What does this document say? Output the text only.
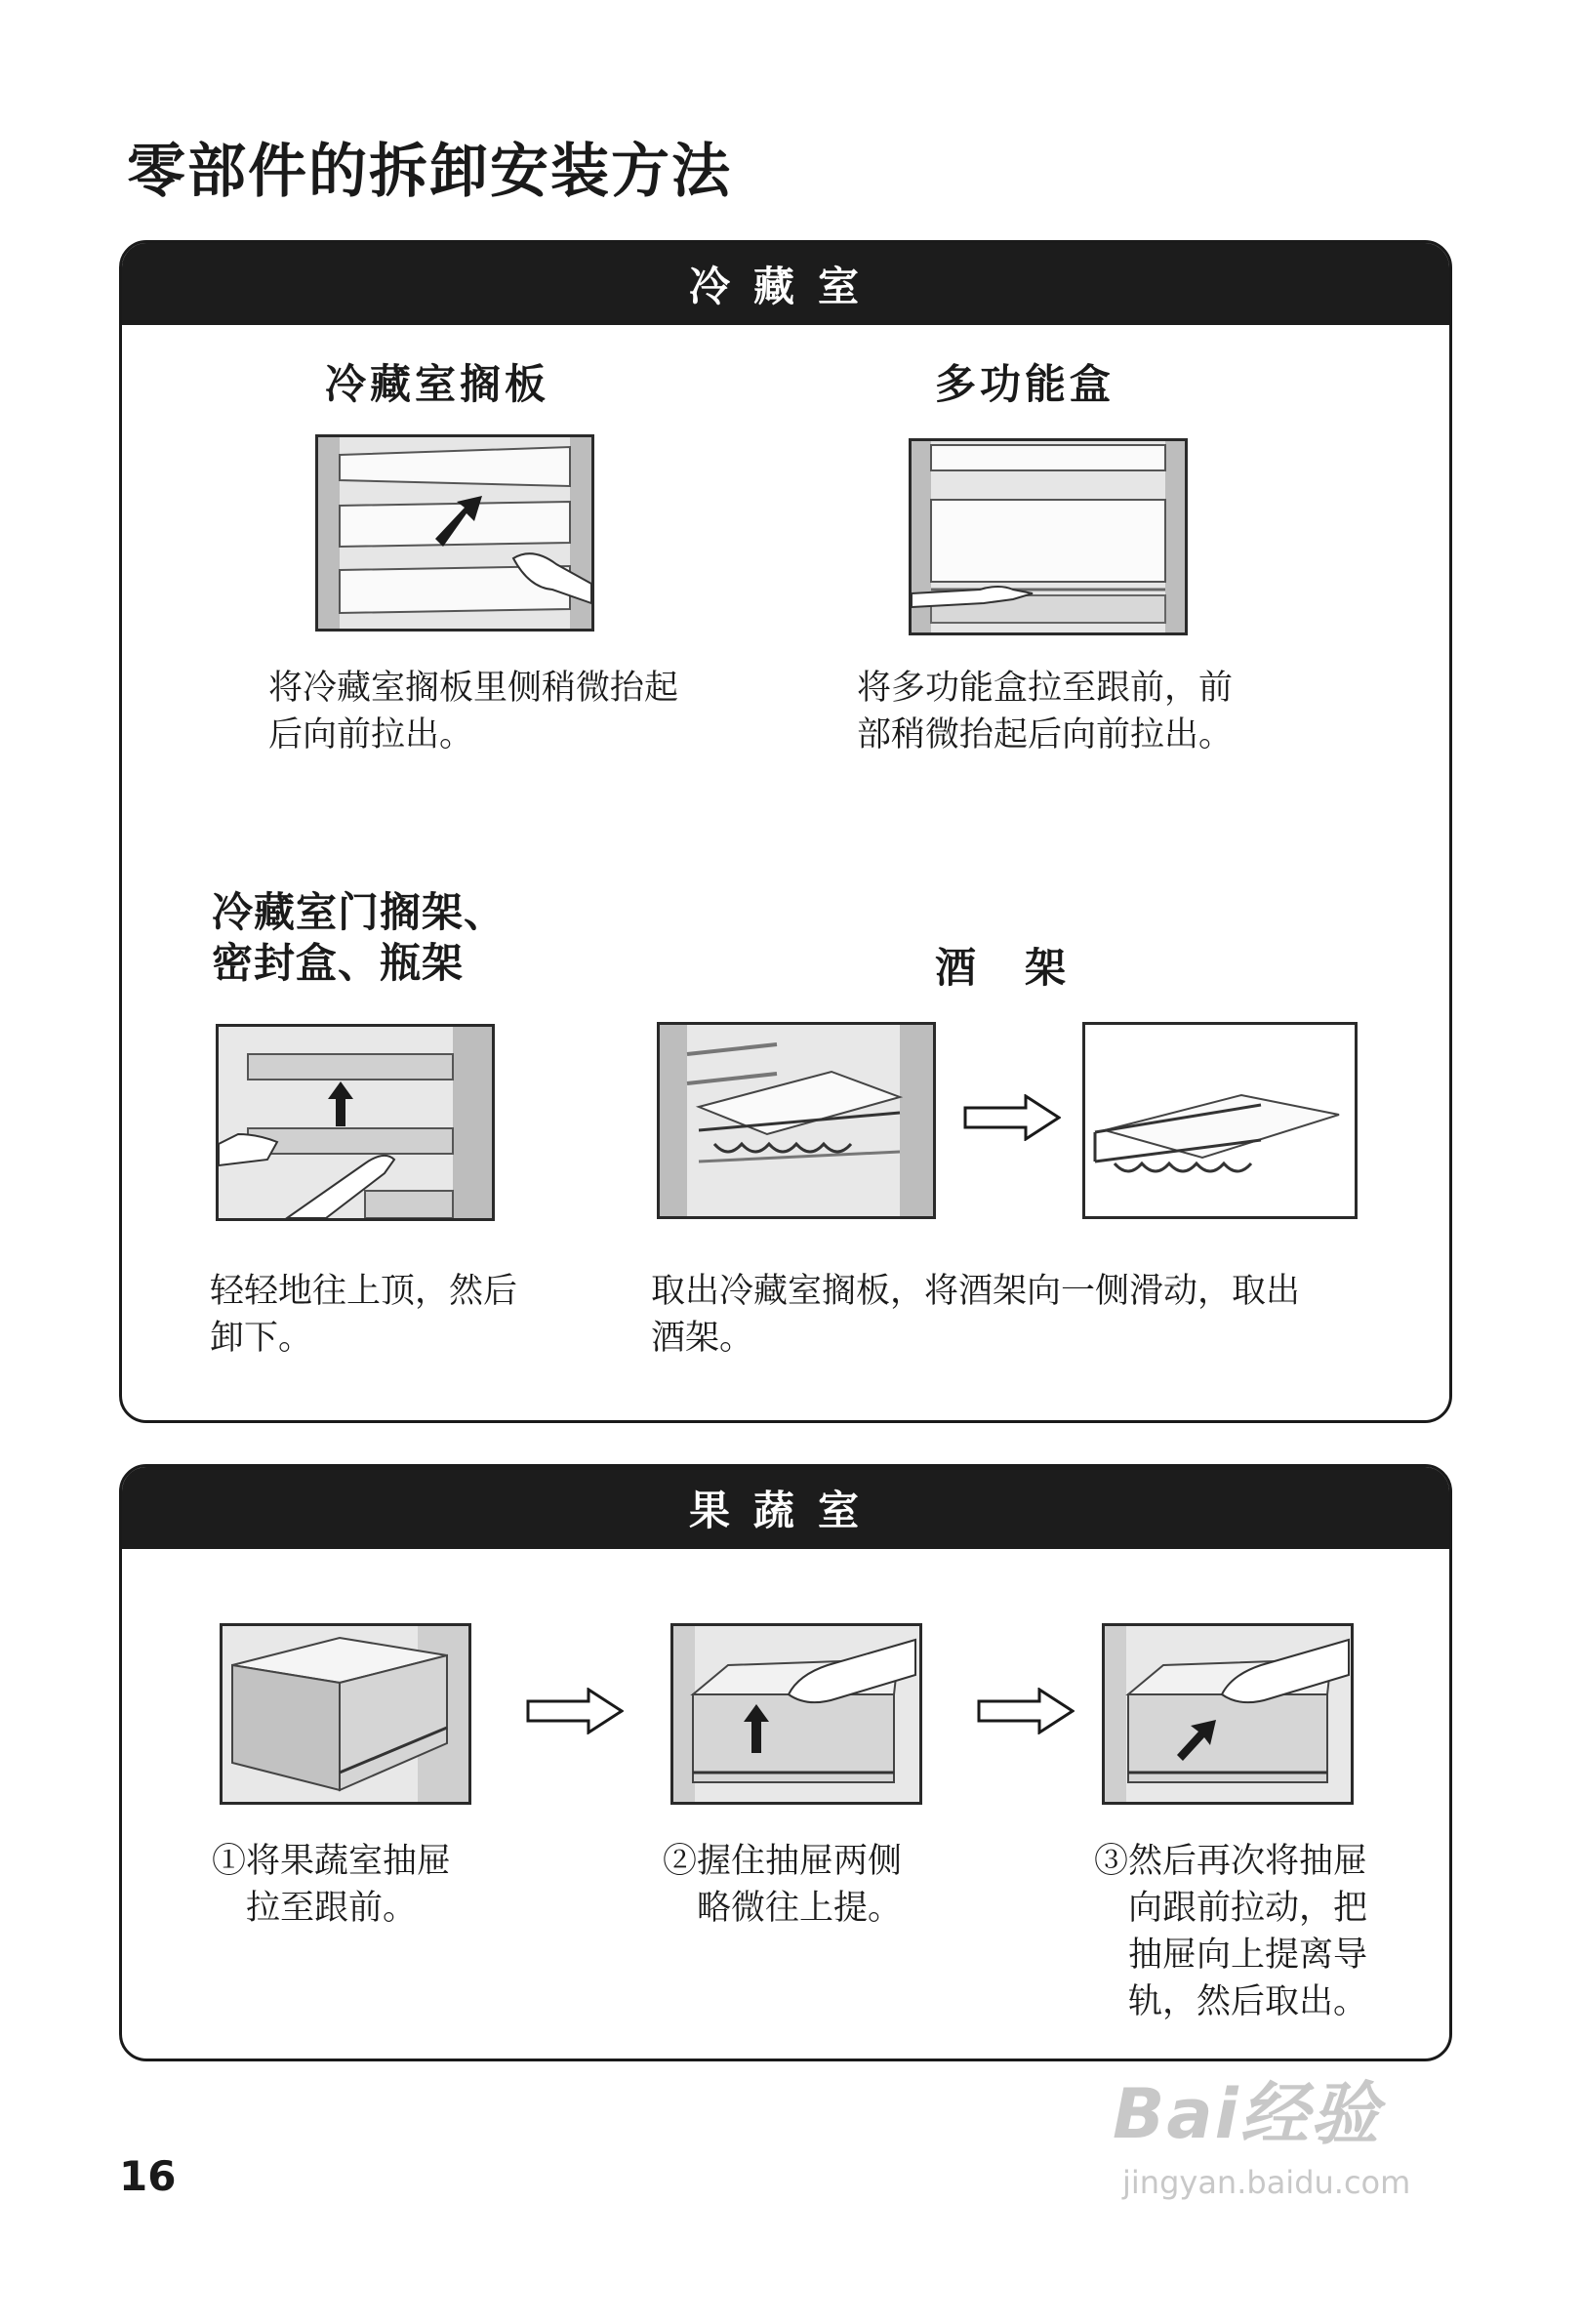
零部件的拆卸安装方法
冷藏室
冷藏室搁板	多功能盒
将冷藏室搁板里侧稍微抬起
后向前拉出。
将多功能盒拉至跟前，前
部稍微抬起后向前拉出。
冷藏室门搁架、
密封盒、瓶架	酒　架
轻轻地往上顶，然后
卸下。
取出冷藏室搁板，将酒架向一侧滑动，取出
酒架。
果蔬室
①将果蔬室抽屉
　拉至跟前。
②握住抽屉两侧
　略微往上提。
③然后再次将抽屉
　向跟前拉动，把
　抽屉向上提离导
　轨，然后取出。
16
Bai经验
jingyan.baidu.com
